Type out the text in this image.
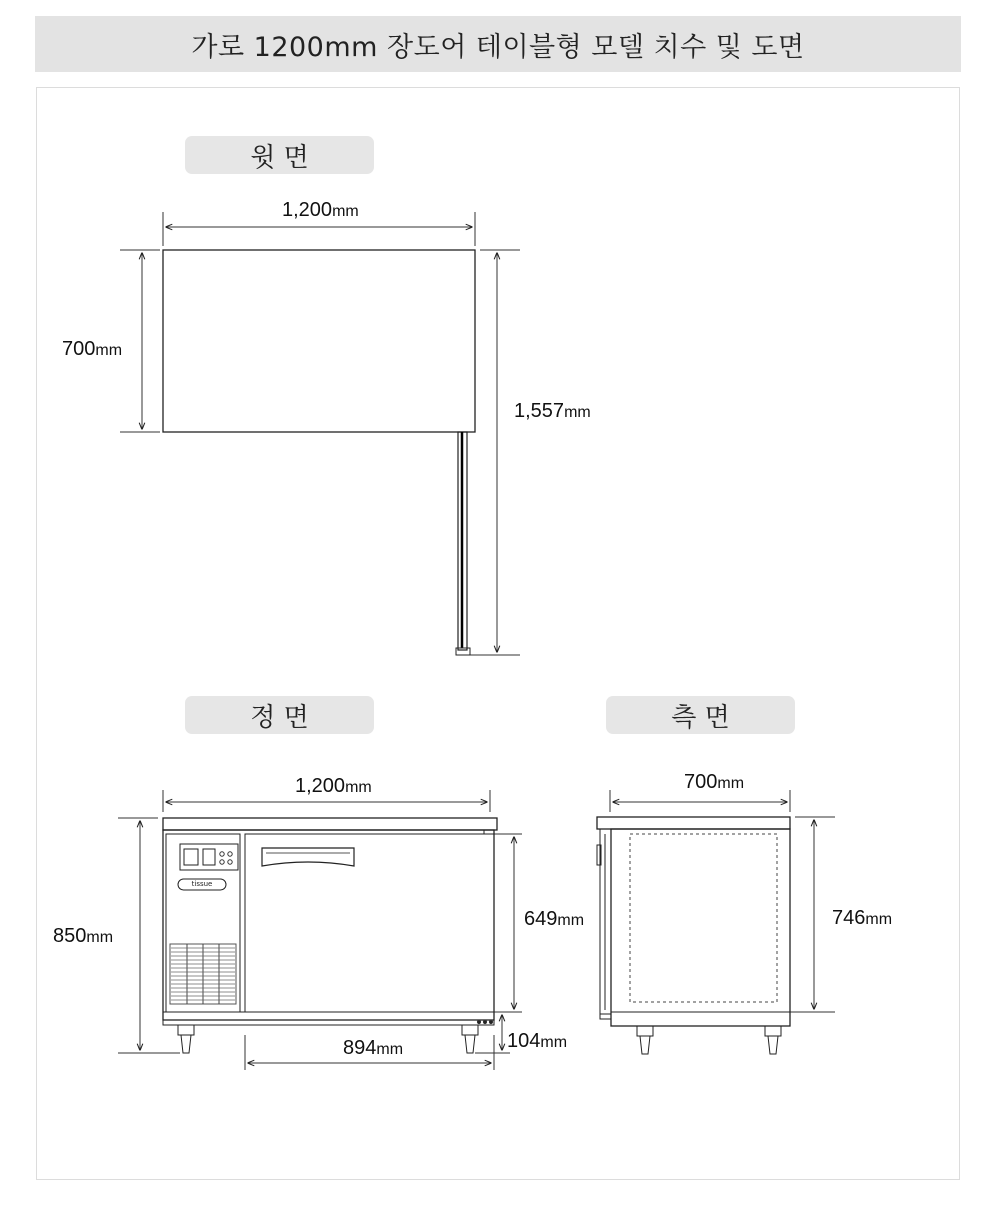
가로 1200mm 장도어 테이블형 모델 치수 및 도면
윗 면
정 면	측 면
1,200mm
700mm
1,557mm
1,200mm
850mm
649mm
894mm	104mm
tissue
700mm
746mm
